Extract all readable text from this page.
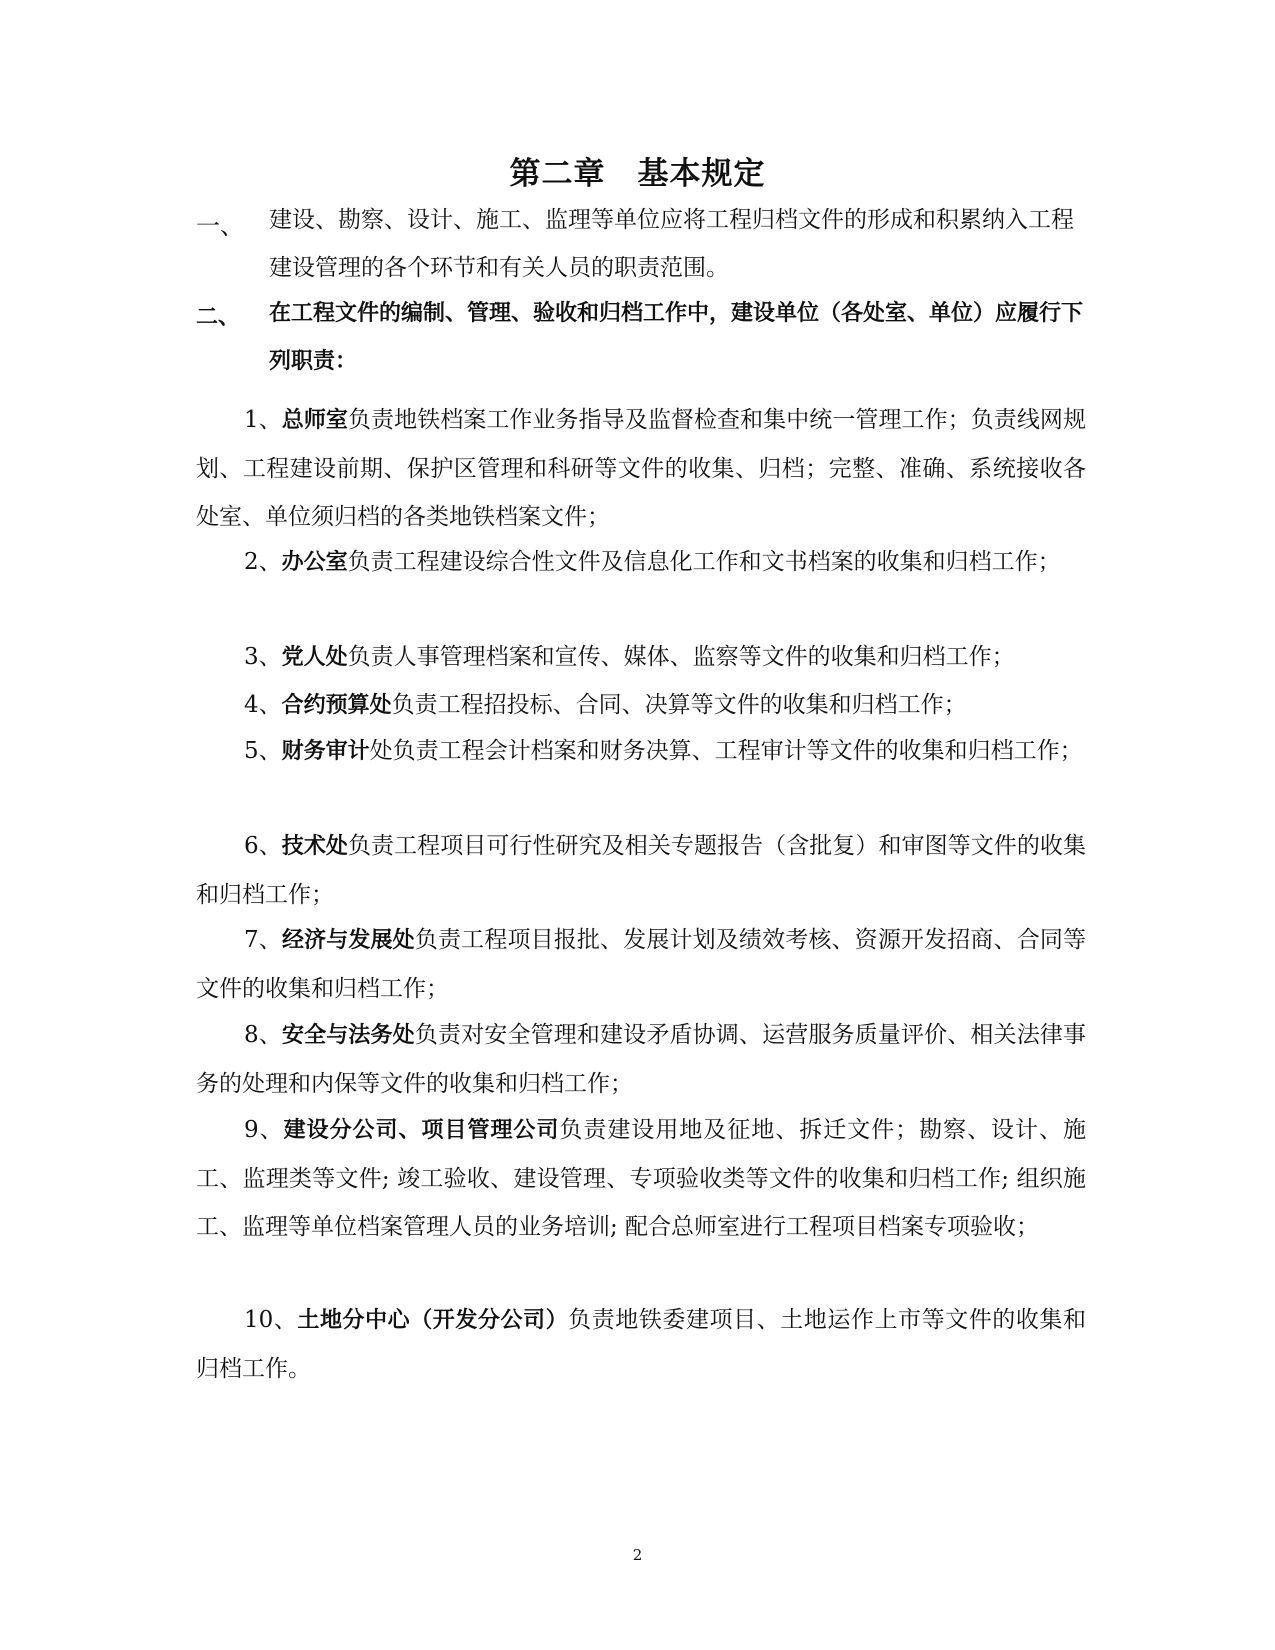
第二章　基本规定
一、 建设、勘察、设计、施工、监理等单位应将工程归档文件的形成和积累纳入工程建设管理的各个环节和有关人员的职责范围。
二、 在工程文件的编制、管理、验收和归档工作中，建设单位（各处室、单位）应履行下列职责：

1、总师室负责地铁档案工作业务指导及监督检查和集中统一管理工作；负责线网规划、工程建设前期、保护区管理和科研等文件的收集、归档；完整、准确、系统接收各处室、单位须归档的各类地铁档案文件；

2、办公室负责工程建设综合性文件及信息化工作和文书档案的收集和归档工作；

3、党人处负责人事管理档案和宣传、媒体、监察等文件的收集和归档工作；

4、合约预算处负责工程招投标、合同、决算等文件的收集和归档工作；

5、财务审计处负责工程会计档案和财务决算、工程审计等文件的收集和归档工作；

6、技术处负责工程项目可行性研究及相关专题报告（含批复）和审图等文件的收集和归档工作；

7、经济与发展处负责工程项目报批、发展计划及绩效考核、资源开发招商、合同等文件的收集和归档工作；

8、安全与法务处负责对安全管理和建设矛盾协调、运营服务质量评价、相关法律事务的处理和内保等文件的收集和归档工作；

9、建设分公司、项目管理公司负责建设用地及征地、拆迁文件；勘察、设计、施工、监理类等文件; 竣工验收、建设管理、专项验收类等文件的收集和归档工作; 组织施工、监理等单位档案管理人员的业务培训; 配合总师室进行工程项目档案专项验收；

10、土地分中心（开发分公司）负责地铁委建项目、土地运作上市等文件的收集和归档工作。

2
